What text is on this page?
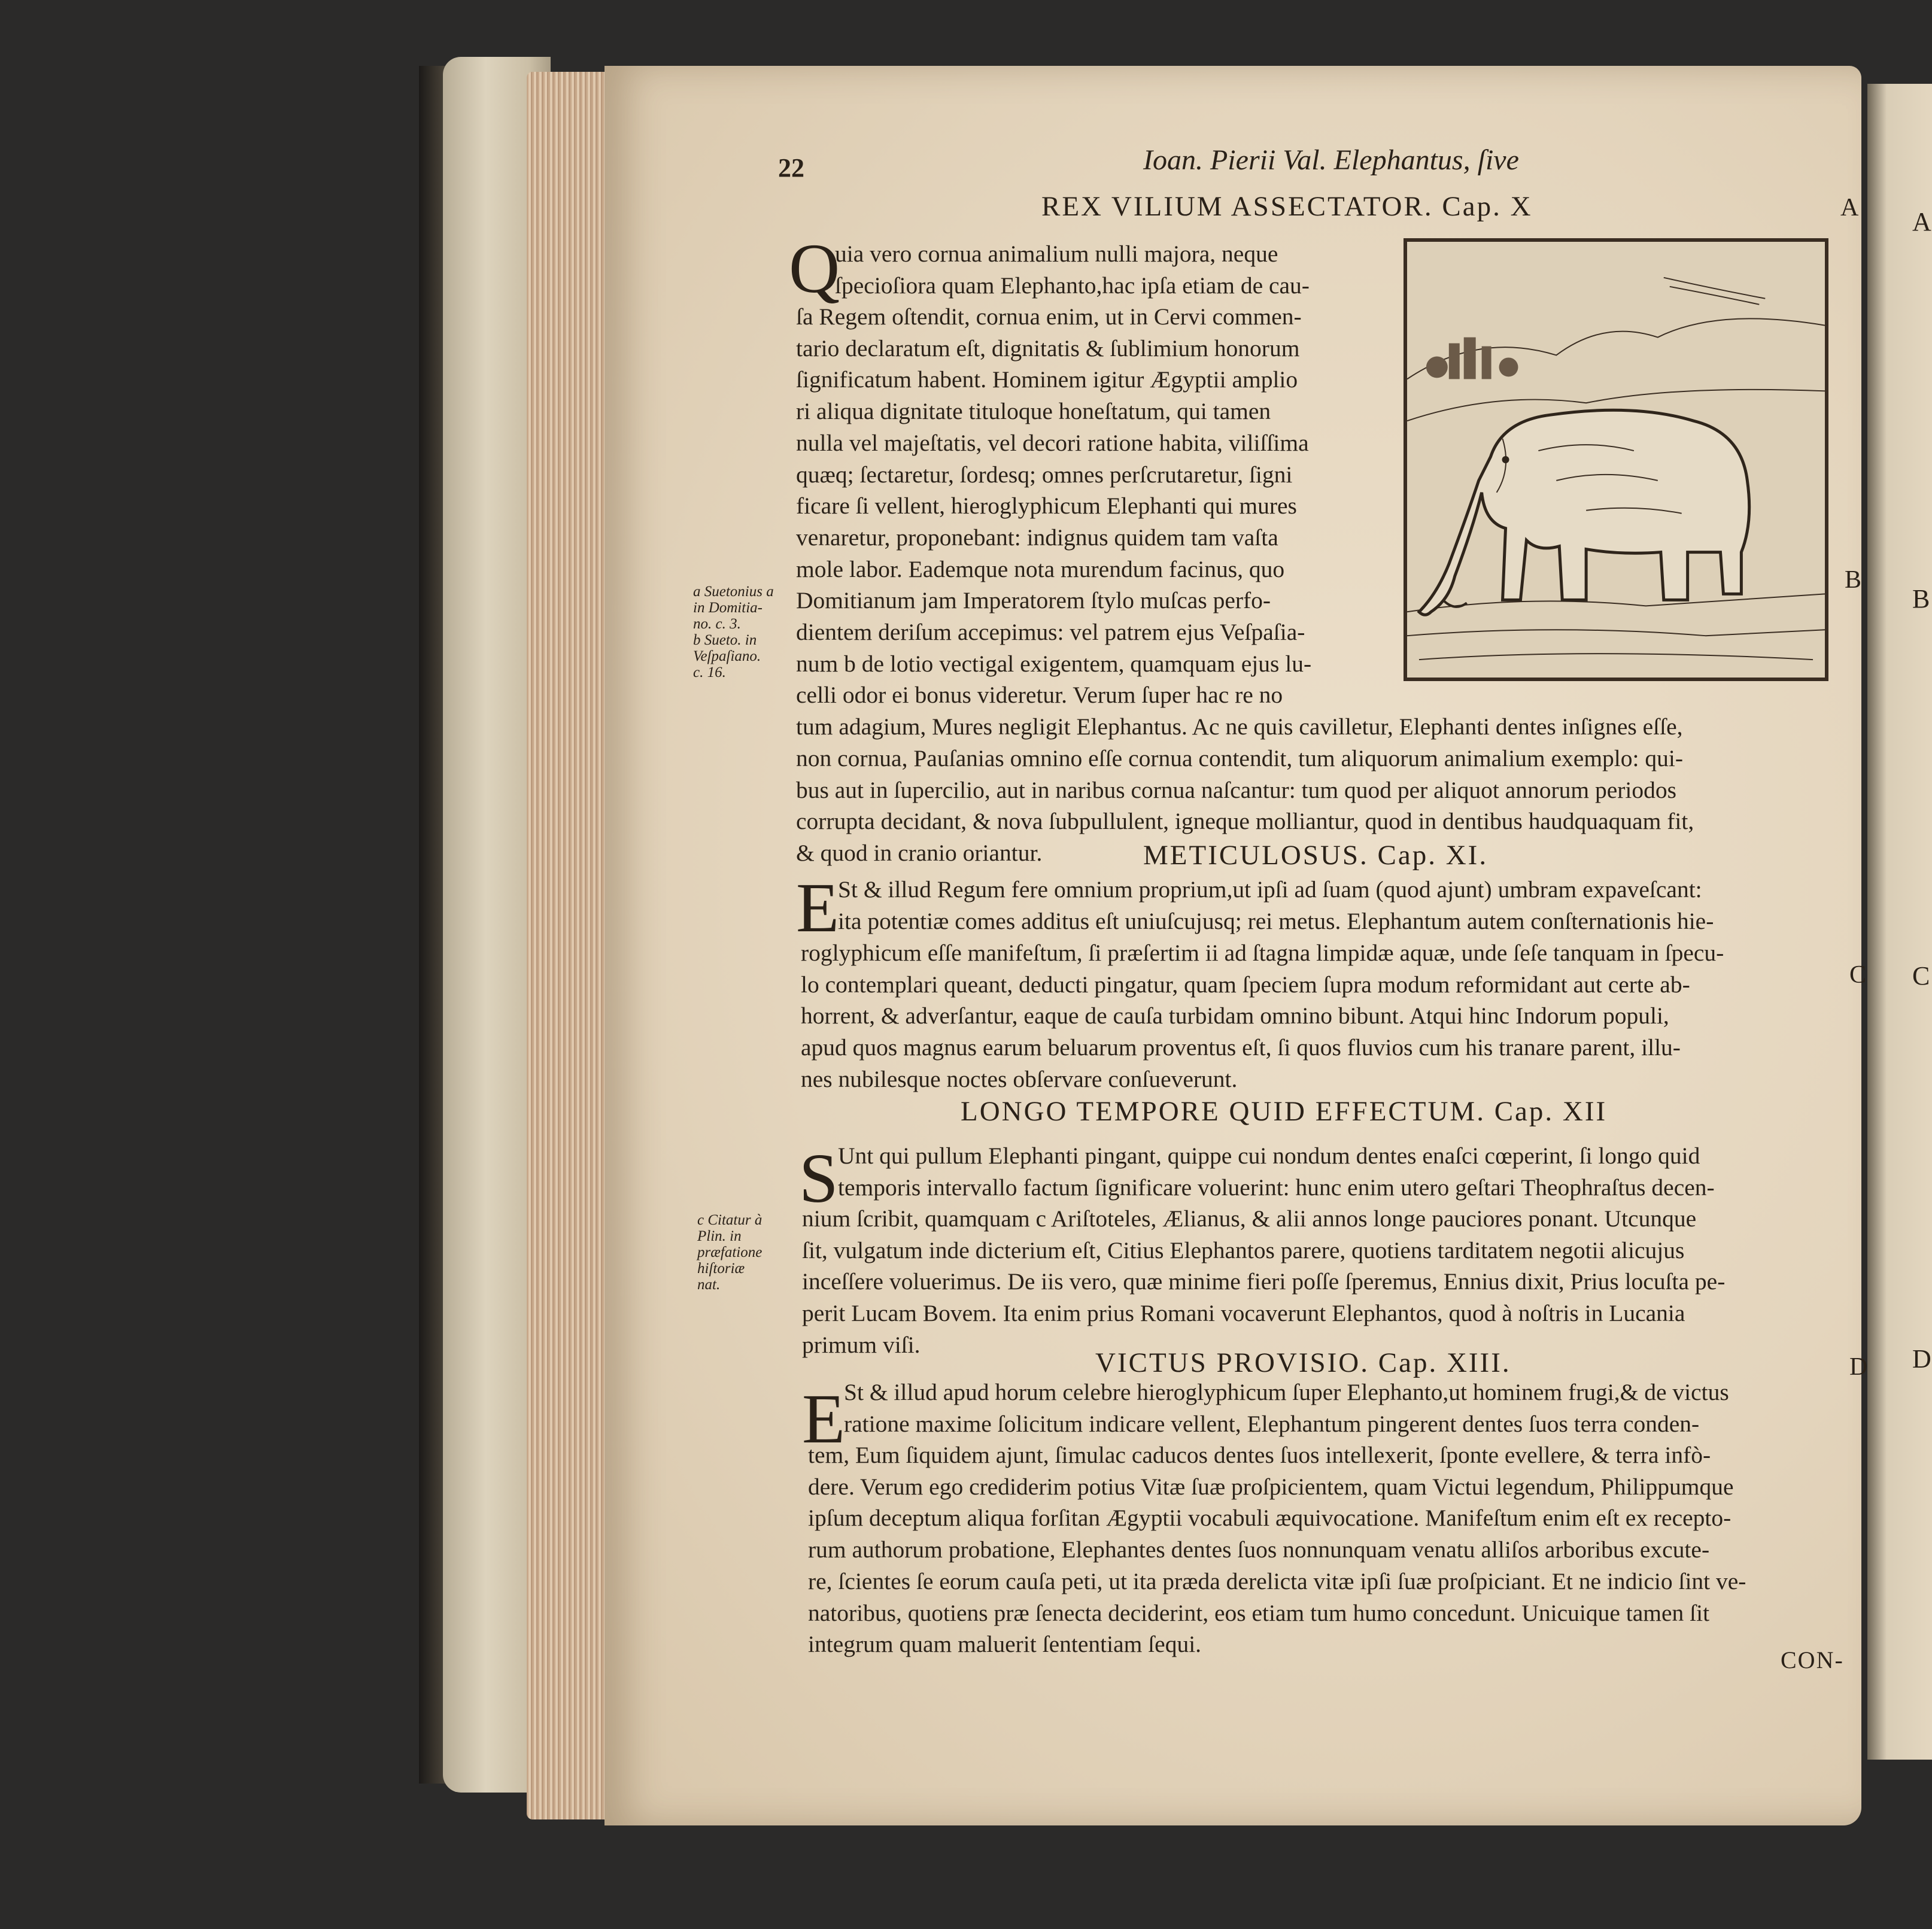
A
B
C
D
22	Ioan. Pierii Val. Elephantus, ſive
REX VILIUM ASSECTATOR. Cap. X
Q
uia vero cornua animalium nulli majora, neque
ſpecioſiora quam Elephanto,hac ipſa etiam de cau-
ſa Regem oſtendit, cornua enim, ut in Cervi commen-
tario declaratum eſt, dignitatis & ſublimium honorum
ſignificatum habent. Hominem igitur Ægyptii amplio
ri aliqua dignitate tituloque honeſtatum, qui tamen
nulla vel majeſtatis, vel decori ratione habita, viliſſima
quæq; ſectaretur, ſordesq; omnes perſcrutaretur, ſigni
ficare ſi vellent, hieroglyphicum Elephanti qui mures
venaretur, proponebant: indignus quidem tam vaſta
mole labor. Eademque nota murendum facinus, quo
Domitianum jam Imperatorem ſtylo muſcas perfo-
dientem deriſum accepimus: vel patrem ejus Veſpaſia-
num b de lotio vectigal exigentem, quamquam ejus lu-
celli odor ei bonus videretur. Verum ſuper hac re no
tum adagium, Mures negligit Elephantus. Ac ne quis cavilletur, Elephanti dentes inſignes eſſe,
non cornua, Pauſanias omnino eſſe cornua contendit, tum aliquorum animalium exemplo: qui-
bus aut in ſupercilio, aut in naribus cornua naſcantur: tum quod per aliquot annorum periodos
corrupta decidant, & nova ſubpullulent, igneque molliantur, quod in dentibus haudquaquam fit,
& quod in cranio oriantur.
A
B
C
D
a Suetonius a
in Domitia-
no. c. 3.
b Sueto. in
Veſpaſiano.
c. 16.
METICULOSUS. Cap. XI.
E
St & illud Regum fere omnium proprium,ut ipſi ad ſuam (quod ajunt) umbram expaveſcant:
ita potentiæ comes additus eſt uniuſcujusq; rei metus. Elephantum autem conſternationis hie-
roglyphicum eſſe manifeſtum, ſi præſertim ii ad ſtagna limpidæ aquæ, unde ſeſe tanquam in ſpecu-
lo contemplari queant, deducti pingatur, quam ſpeciem ſupra modum reformidant aut certe ab-
horrent, & adverſantur, eaque de cauſa turbidam omnino bibunt. Atqui hinc Indorum populi,
apud quos magnus earum beluarum proventus eſt, ſi quos fluvios cum his tranare parent, illu-
nes nubilesque noctes obſervare conſueverunt.
LONGO TEMPORE QUID EFFECTUM. Cap. XII
S Unt qui pullum Elephanti pingant, quippe cui nondum dentes enaſci cœperint, ſi longo quid
temporis intervallo factum ſignificare voluerint: hunc enim utero geſtari Theophraſtus decen-
nium ſcribit, quamquam c Ariſtoteles, Ælianus, & alii annos longe pauciores ponant. Utcunque
ſit, vulgatum inde dicterium eſt, Citius Elephantos parere, quotiens tarditatem negotii alicujus
inceſſere voluerimus. De iis vero, quæ minime fieri poſſe ſperemus, Ennius dixit, Prius locuſta pe-
perit Lucam Bovem. Ita enim prius Romani vocaverunt Elephantos, quod à noſtris in Lucania
primum viſi.
c Citatur à
Plin. in
præfatione
hiſtoriæ
nat.
VICTUS PROVISIO. Cap. XIII.
E
St & illud apud horum celebre hieroglyphicum ſuper Elephanto,ut hominem frugi,& de victus
ratione maxime ſolicitum indicare vellent, Elephantum pingerent dentes ſuos terra conden-
tem, Eum ſiquidem ajunt, ſimulac caducos dentes ſuos intellexerit, ſponte evellere, & terra infò-
dere. Verum ego crediderim potius Vitæ ſuæ proſpicientem, quam Victui legendum, Philippumque
ipſum deceptum aliqua forſitan Ægyptii vocabuli æquivocatione. Manifeſtum enim eſt ex recepto-
rum authorum probatione, Elephantes dentes ſuos nonnunquam venatu alliſos arboribus excute-
re, ſcientes ſe eorum cauſa peti, ut ita præda derelicta vitæ ipſi ſuæ proſpiciant. Et ne indicio ſint ve-
natoribus, quotiens præ ſenecta deciderint, eos etiam tum humo concedunt. Unicuique tamen ſit
integrum quam maluerit ſententiam ſequi.
CON-
